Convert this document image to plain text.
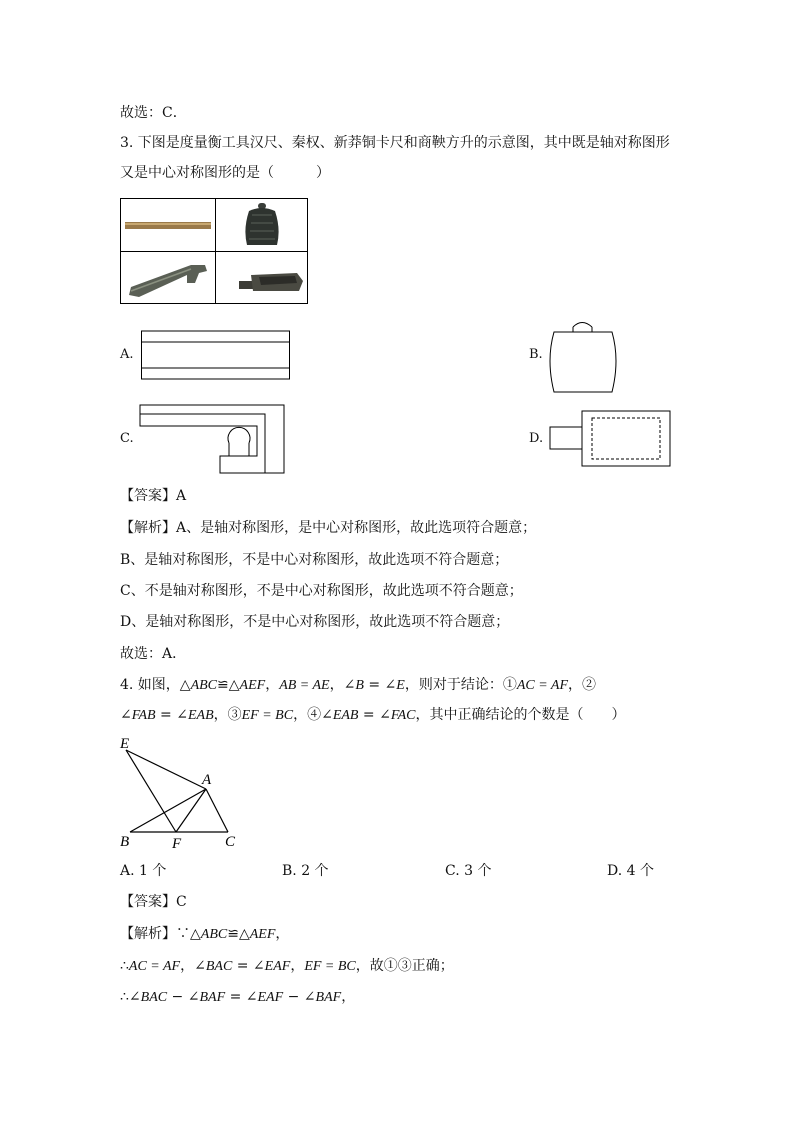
故选：C．
3. 下图是度量衡工具汉尺、秦权、新莽铜卡尺和商鞅方升的示意图，其中既是轴对称图形
又是中心对称图形的是（　　　）
A.	B.
C.	D.
【答案】A
【解析】A、是轴对称图形，是中心对称图形，故此选项符合题意；
B、是轴对称图形，不是中心对称图形，故此选项不符合题意；
C、不是轴对称图形，不是中心对称图形，故此选项不符合题意；
D、是轴对称图形，不是中心对称图形，故此选项不符合题意；
故选：A．
4. 如图，△ABC≌△AEF，AB = AE，∠B = ∠E，则对于结论：①AC = AF，②
∠FAB = ∠EAB，③EF = BC，④∠EAB = ∠FAC，其中正确结论的个数是（　　）
E
A
B	F	C
A. 1 个	B. 2 个	C. 3 个	D. 4 个
【答案】C
【解析】∵△ABC≌△AEF，
∴AC = AF，∠BAC = ∠EAF，EF = BC，故①③正确；
∴∠BAC − ∠BAF = ∠EAF − ∠BAF，
